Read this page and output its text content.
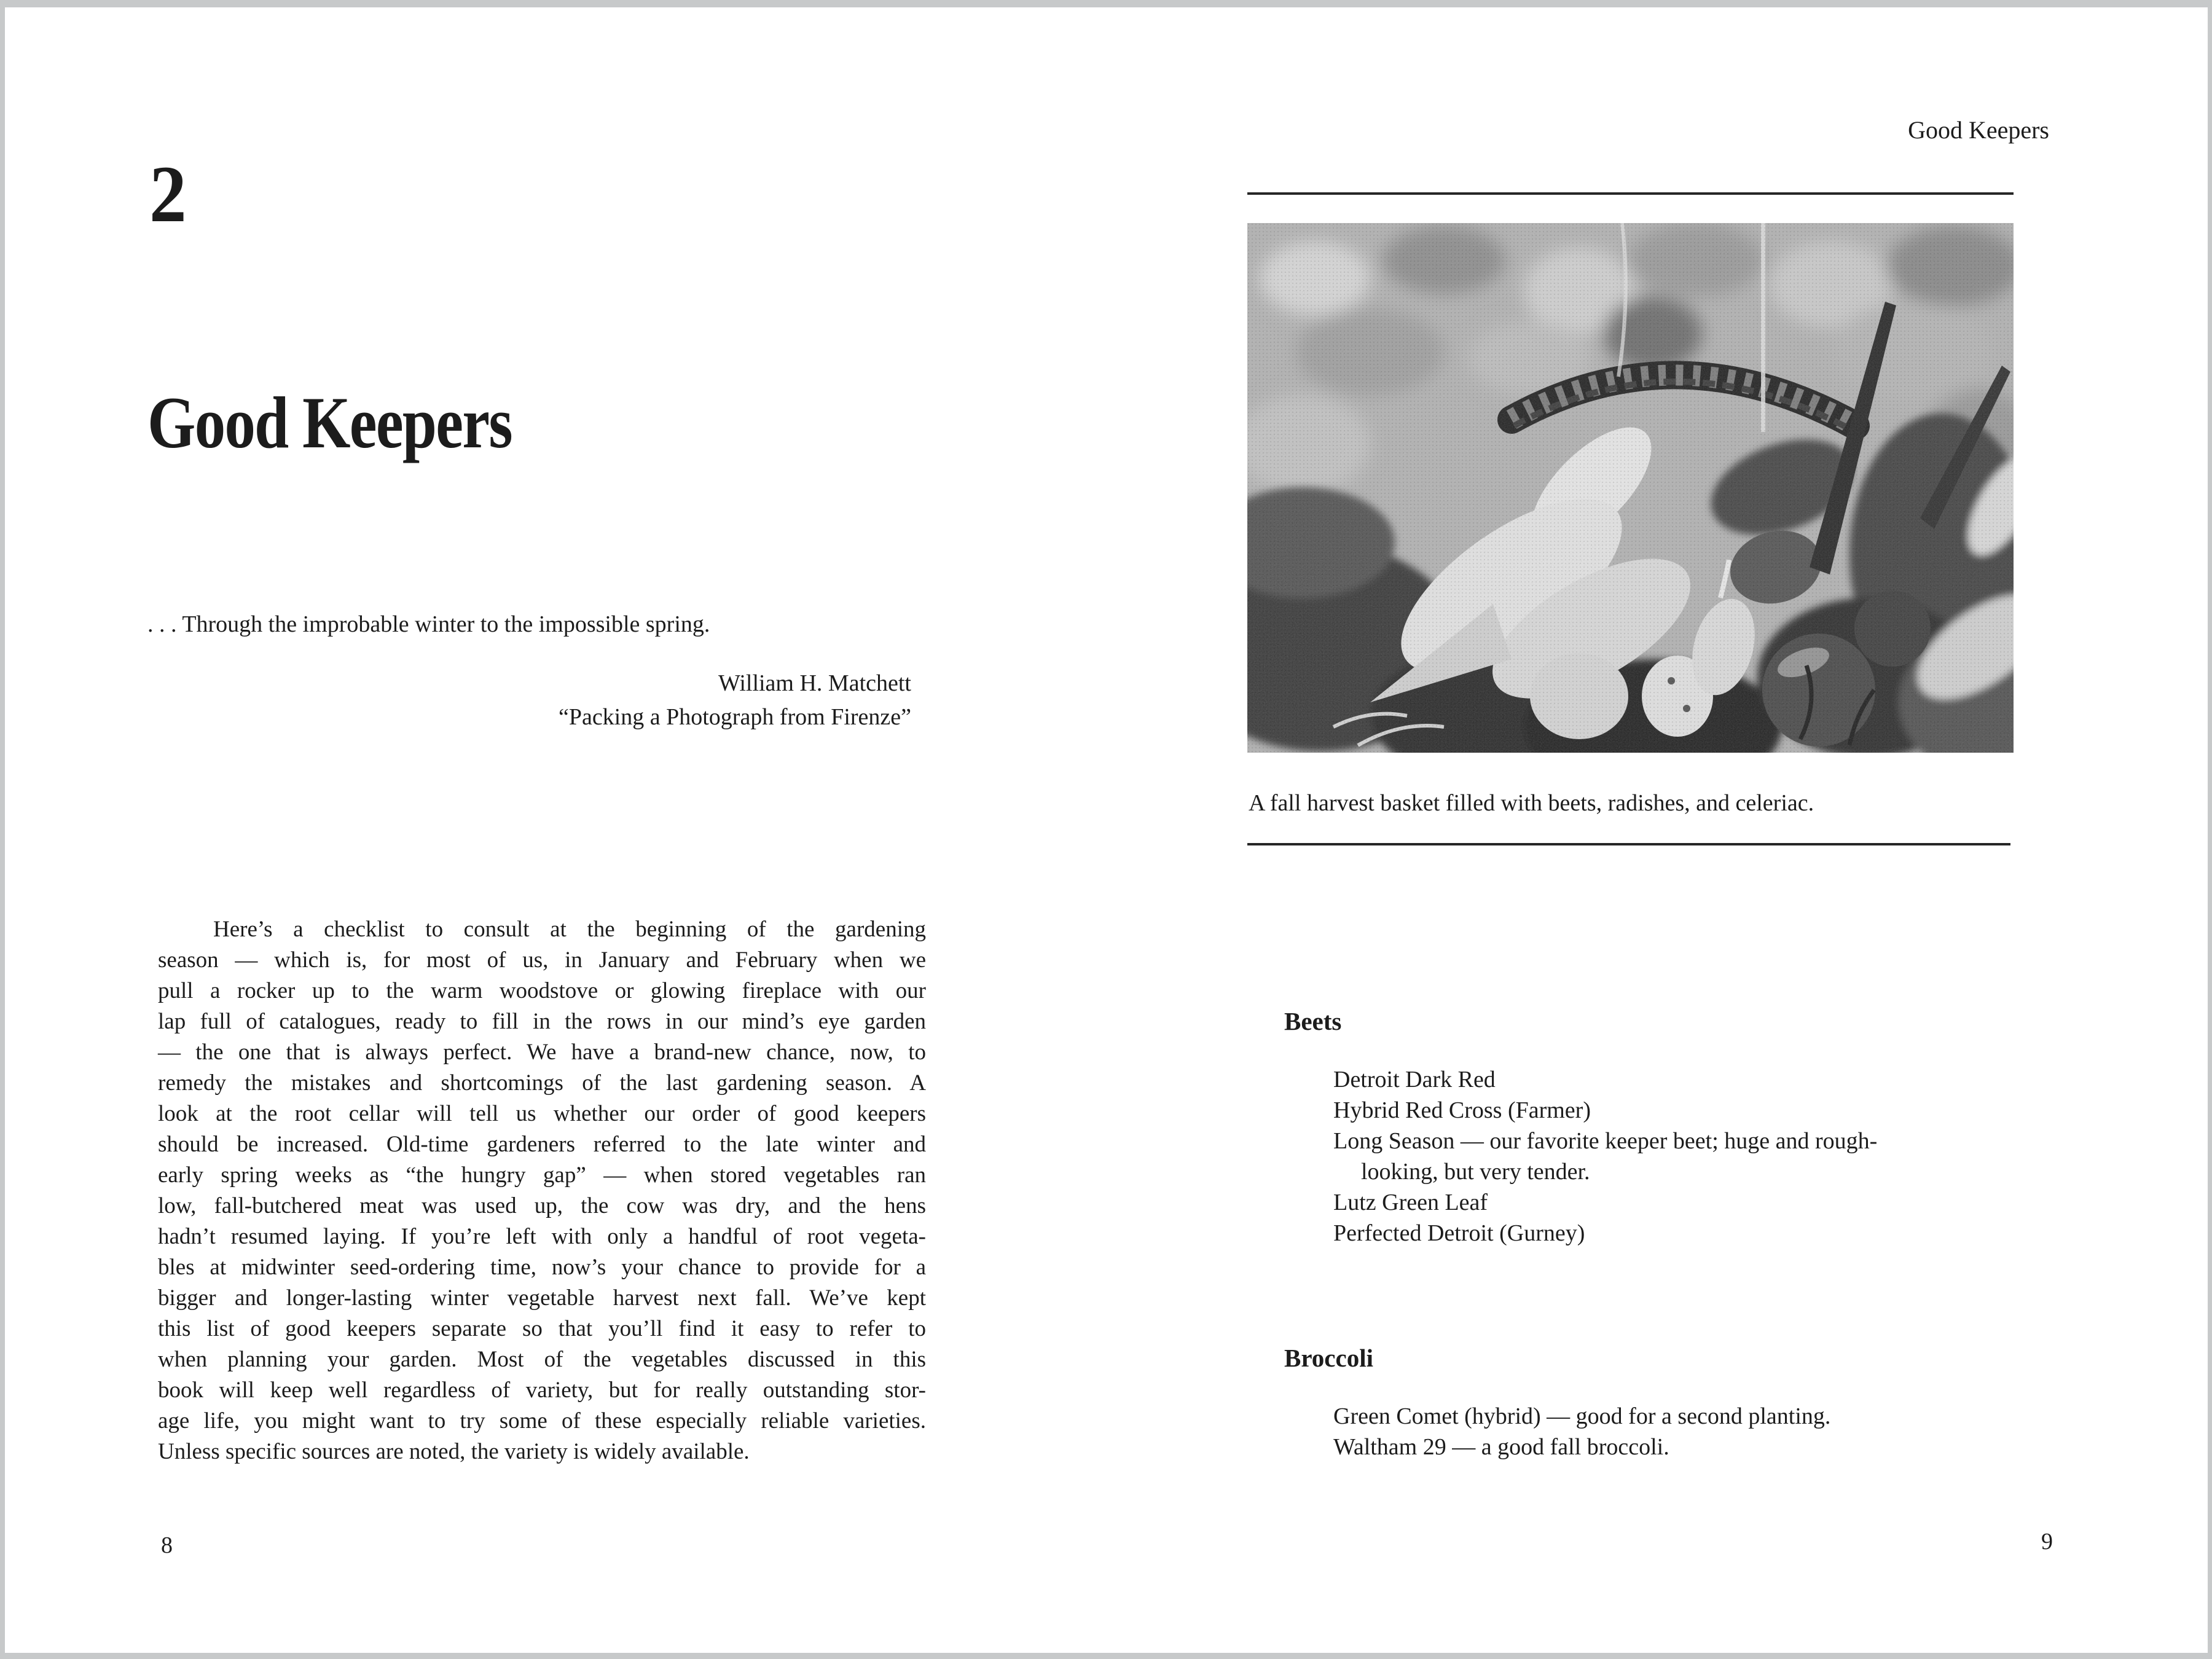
2
Good Keepers

. . . Through the improbable winter to the impossible spring.

William H. Matchett
“Packing a Photograph from Firenze”
Here’s a checklist to consult at the beginning of the gardening
season — which is, for most of us, in January and February when we
pull a rocker up to the warm woodstove or glowing fireplace with our
lap full of catalogues, ready to fill in the rows in our mind’s eye garden
— the one that is always perfect. We have a brand-new chance, now, to
remedy the mistakes and shortcomings of the last gardening season. A
look at the root cellar will tell us whether our order of good keepers
should be increased. Old-time gardeners referred to the late winter and
early spring weeks as “the hungry gap” — when stored vegetables ran
low, fall-butchered meat was used up, the cow was dry, and the hens
hadn’t resumed laying. If you’re left with only a handful of root vegeta-
bles at midwinter seed-ordering time, now’s your chance to provide for a
bigger and longer-lasting winter vegetable harvest next fall. We’ve kept
this list of good keepers separate so that you’ll find it easy to refer to
when planning your garden. Most of the vegetables discussed in this
book will keep well regardless of variety, but for really outstanding stor-
age life, you might want to try some of these especially reliable varieties.
Unless specific sources are noted, the variety is widely available.
8
Good Keepers

A fall harvest basket filled with beets, radishes, and celeriac.

Beets
Detroit Dark Red
Hybrid Red Cross (Farmer)
Long Season — our favorite keeper beet; huge and rough-
looking, but very tender.
Lutz Green Leaf
Perfected Detroit (Gurney)
Broccoli
Green Comet (hybrid) — good for a second planting.
Waltham 29 — a good fall broccoli.
9
